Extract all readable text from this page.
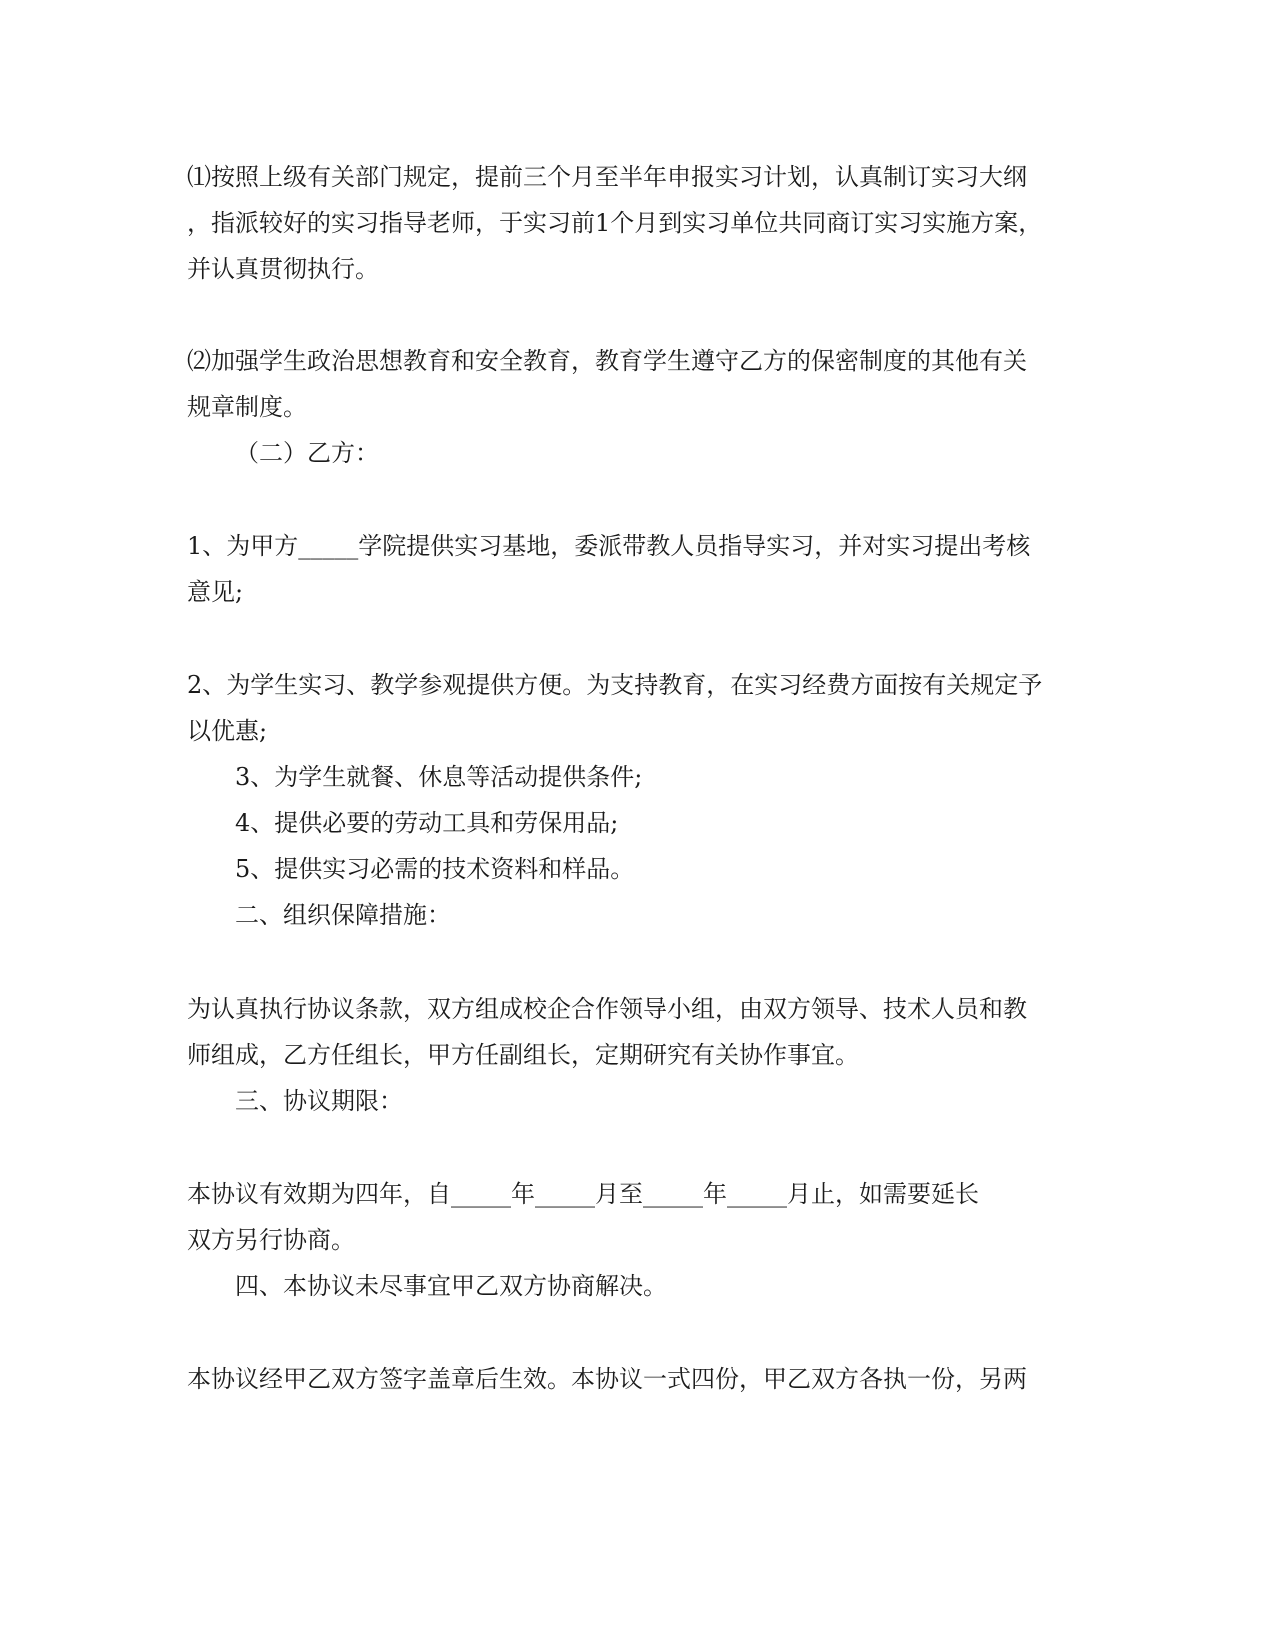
⑴按照上级有关部门规定，提前三个月至半年申报实习计划，认真制订实习大纲
，指派较好的实习指导老师，于实习前1个月到实习单位共同商订实习实施方案，
并认真贯彻执行。
⑵加强学生政治思想教育和安全教育，教育学生遵守乙方的保密制度的其他有关
规章制度。
（二）乙方：
1、为甲方_____学院提供实习基地，委派带教人员指导实习，并对实习提出考核
意见;
2、为学生实习、教学参观提供方便。为支持教育，在实习经费方面按有关规定予
以优惠;
3、为学生就餐、休息等活动提供条件;
4、提供必要的劳动工具和劳保用品;
5、提供实习必需的技术资料和样品。
二、组织保障措施：
为认真执行协议条款，双方组成校企合作领导小组，由双方领导、技术人员和教
师组成，乙方任组长，甲方任副组长，定期研究有关协作事宜。
三、协议期限：
本协议有效期为四年，自_____年_____月至_____年_____月止，如需要延长
双方另行协商。
四、本协议未尽事宜甲乙双方协商解决。
本协议经甲乙双方签字盖章后生效。本协议一式四份，甲乙双方各执一份，另两
